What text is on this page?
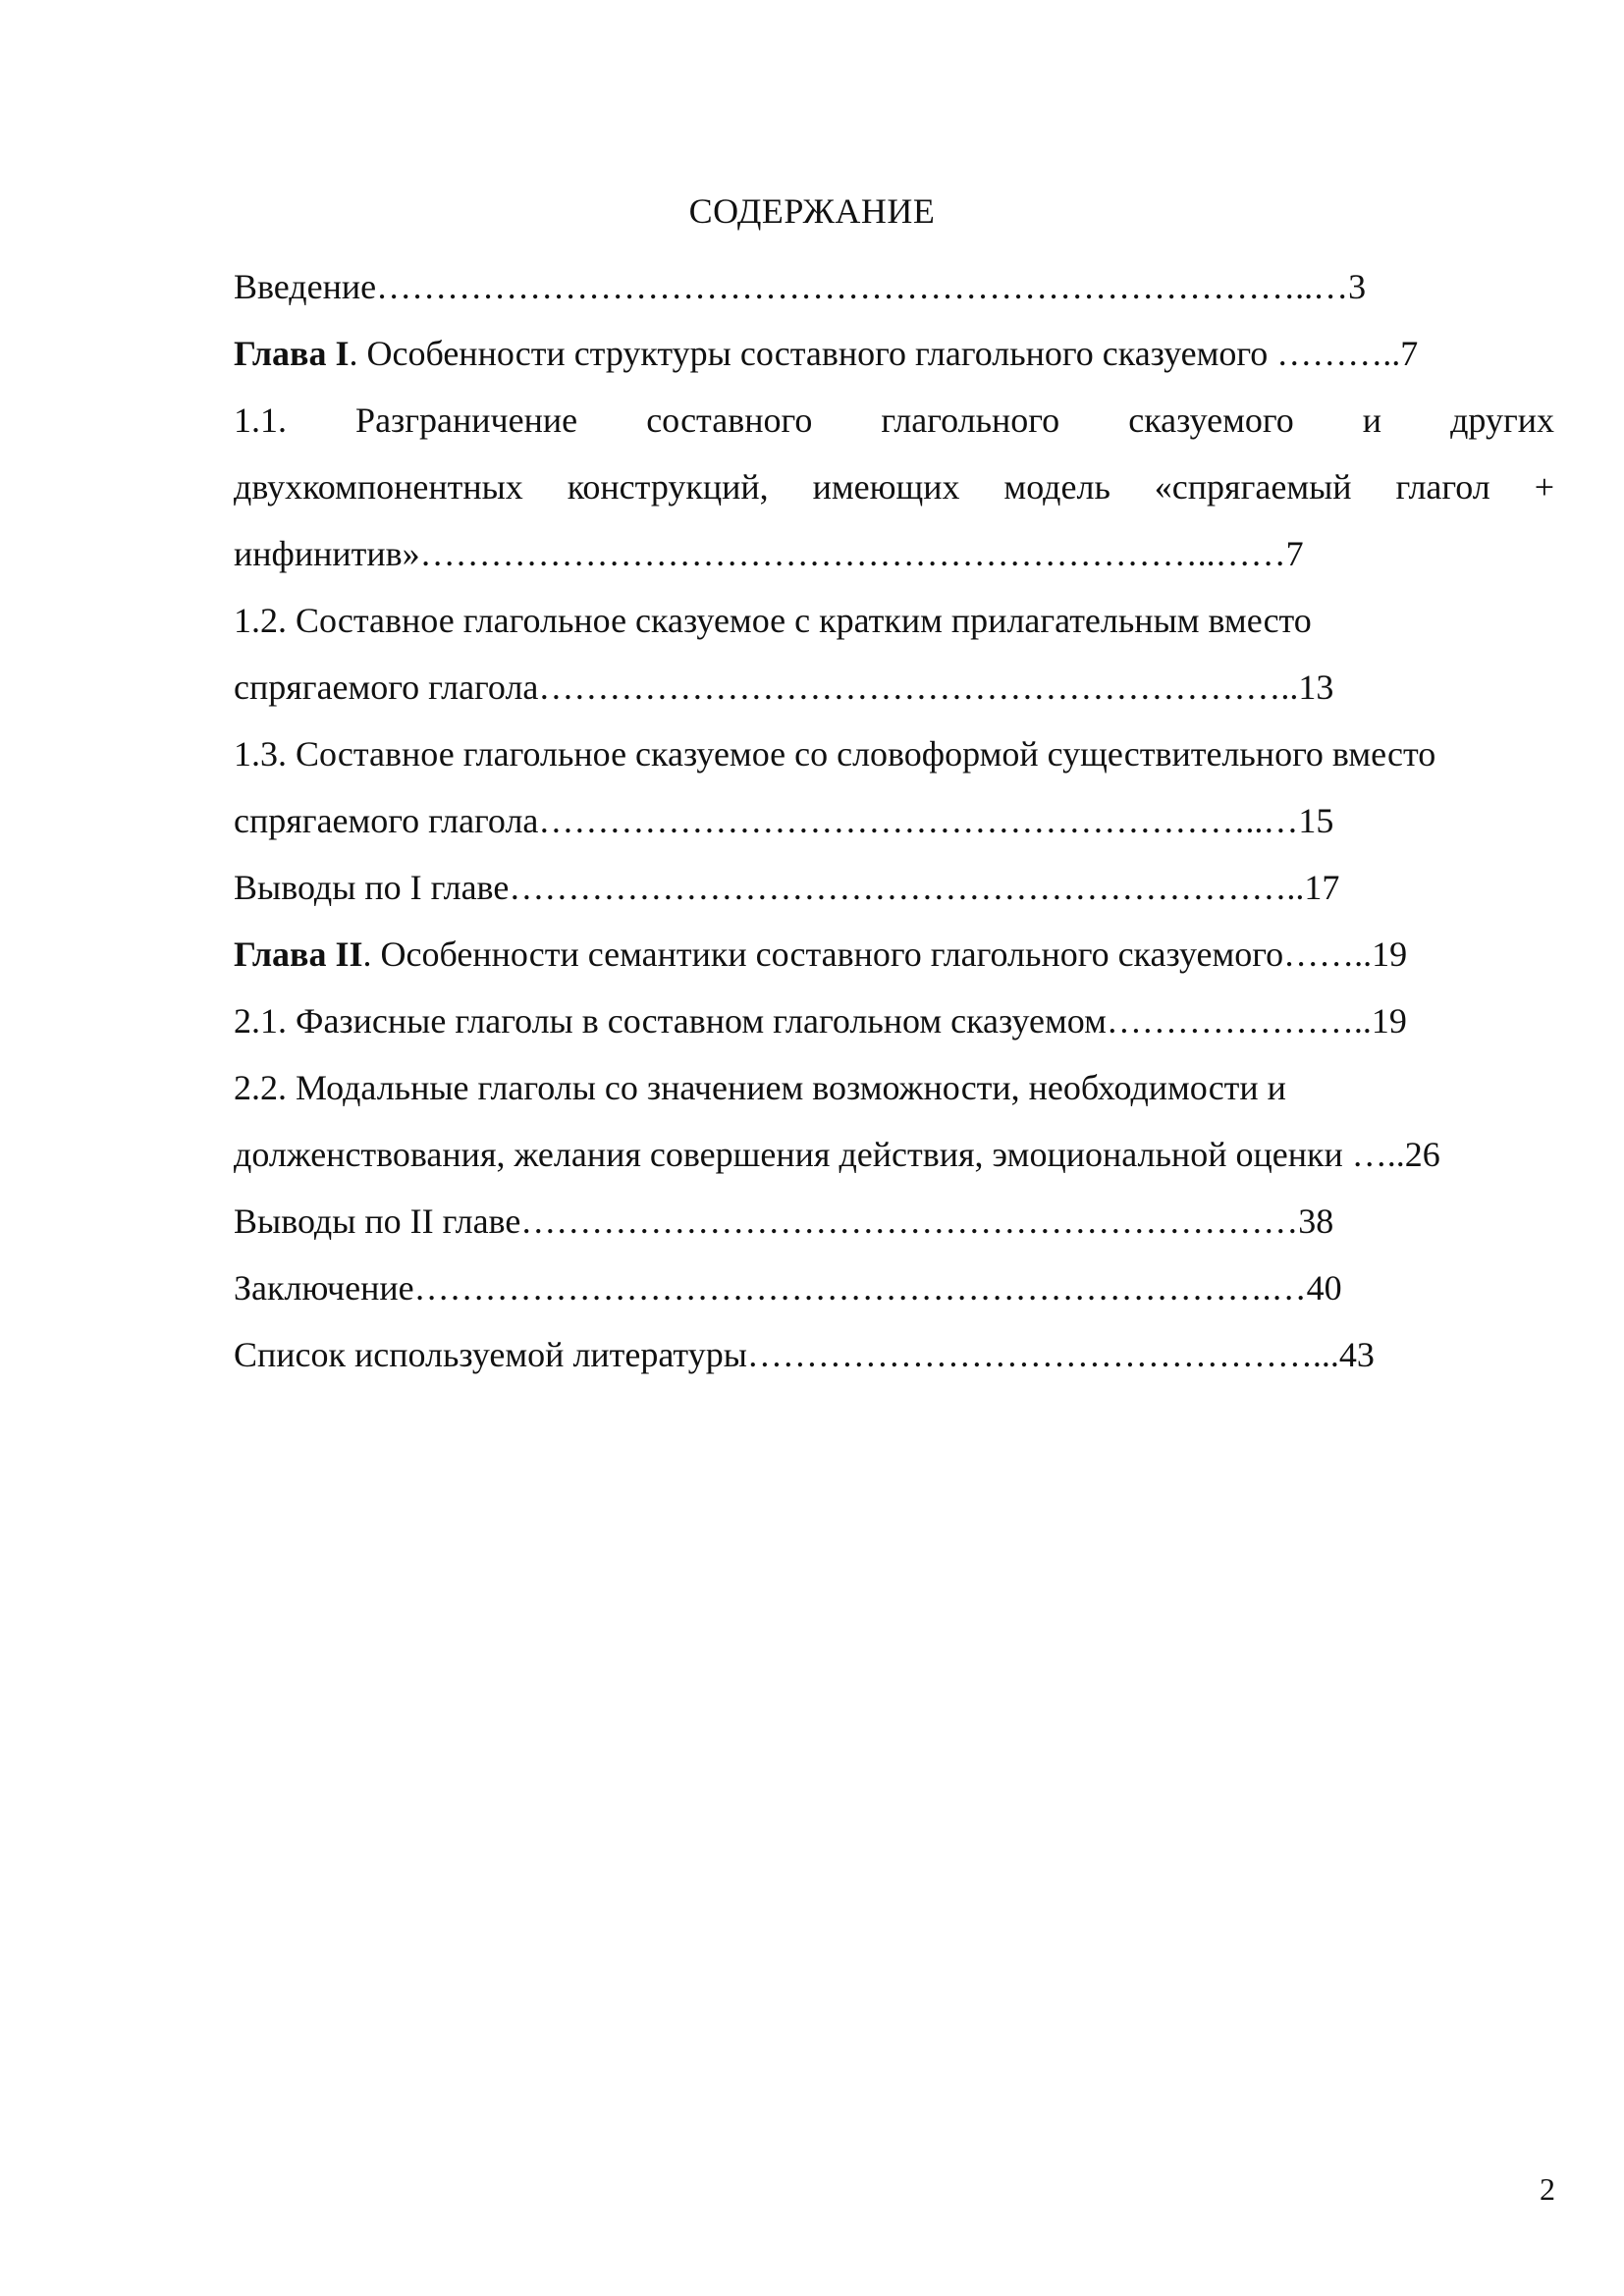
СОДЕРЖАНИЕ
Введение……………………………………………………………………..…3
Глава I. Особенности структуры составного глагольного сказуемого ………..7
1.1. Разграничение составного глагольного сказуемого и других
двухкомпонентных конструкций, имеющих модель «спрягаемый глагол +
инфинитив»…………………………………………………………..……7
1.2. Составное глагольное сказуемое с кратким прилагательным вместо
спрягаемого глагола………………………………………………………..13
1.3. Составное глагольное сказуемое со словоформой существительного вместо
спрягаемого глагола……………………………………………………..…15
Выводы по I главе…………………………………………………………..17
Глава II. Особенности семантики составного глагольного сказуемого……..19
2.1. Фазисные глаголы в составном глагольном сказуемом…………………..19
2.2. Модальные глаголы со значением возможности, необходимости и
долженствования, желания совершения действия, эмоциональной оценки …..26
Выводы по II главе…………………………………………………………38
Заключение……………………………………………………………….…40
Список используемой литературы…………………………………………...43
2
